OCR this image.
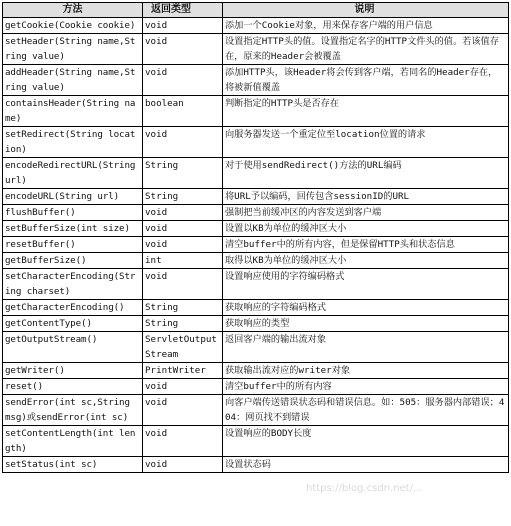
方法	返回类型	说明
getCookie(Cookie cookie)	void	添加一个Cookie对象，用来保存客户端的用户信息
setHeader(String name,String value)	void	设置指定HTTP头的值。设置指定名字的HTTP文件头的值。若该值存在，原来的Header会被覆盖
addHeader(String name,String value)	void	添加HTTP头，该Header将会传到客户端，若同名的Header存在，将被新值覆盖
containsHeader(String name)	boolean	判断指定的HTTP头是否存在
setRedirect(String location)	void	向服务器发送一个重定位至location位置的请求
encodeRedirectURL(String url)	String	对于使用sendRedirect()方法的URL编码
encodeURL(String url)	String	将URL予以编码，回传包含sessionID的URL
flushBuffer()	void	强制把当前缓冲区的内容发送到客户端
setBufferSize(int size)	void	设置以KB为单位的缓冲区大小
resetBuffer()	void	清空buffer中的所有内容，但是保留HTTP头和状态信息
getBufferSize()	int	取得以KB为单位的缓冲区大小
setCharacterEncoding(String charset)	void	设置响应使用的字符编码格式
getCharacterEncoding()	String	获取响应的字符编码格式
getContentType()	String	获取响应的类型
getOutputStream()	ServletOutputStream	返回客户端的输出流对象
getWriter()	PrintWriter	获取输出流对应的writer对象
reset()	void	清空buffer中的所有内容
sendError(int sc,String msg)或sendError(int sc)	void	向客户端传送错误状态码和错误信息。如：505：服务器内部错误；404：网页找不到错误
setContentLength(int length)	void	设置响应的BODY长度
setStatus(int sc)	void	设置状态码
https://blog.csdn.net/...
